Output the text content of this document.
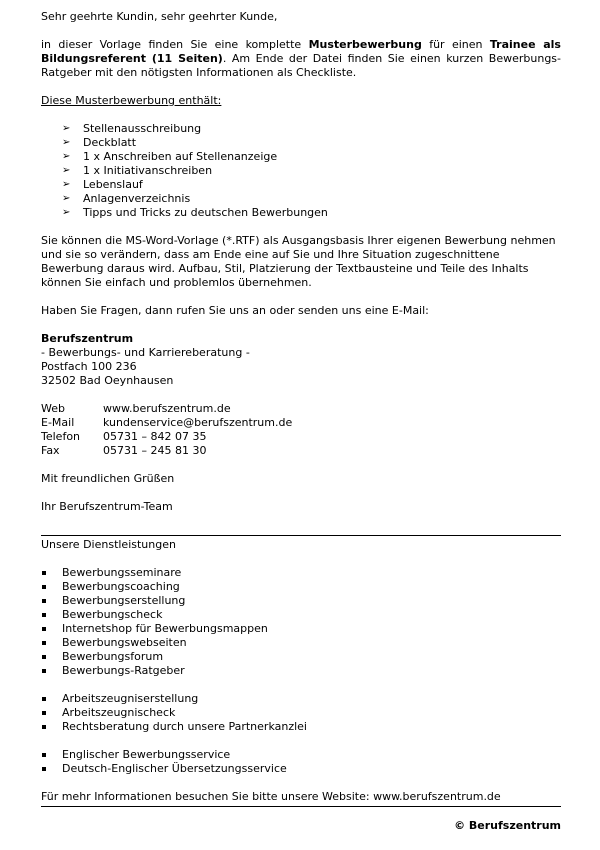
Sehr geehrte Kundin, sehr geehrter Kunde,

in dieser Vorlage finden Sie eine komplette Musterbewerbung für einen Trainee als Bildungsreferent (11 Seiten). Am Ende der Datei finden Sie einen kurzen Bewerbungs-Ratgeber mit den nötigsten Informationen als Checkliste.

Diese Musterbewerbung enthält:

➢ Stellenausschreibung
➢ Deckblatt
➢ 1 x Anschreiben auf Stellenanzeige
➢ 1 x Initiativanschreiben
➢ Lebenslauf
➢ Anlagenverzeichnis
➢ Tipps und Tricks zu deutschen Bewerbungen

Sie können die MS-Word-Vorlage (*.RTF) als Ausgangsbasis Ihrer eigenen Bewerbung nehmen und sie so verändern, dass am Ende eine auf Sie und Ihre Situation zugeschnittene Bewerbung daraus wird. Aufbau, Stil, Platzierung der Textbausteine und Teile des Inhalts können Sie einfach und problemlos übernehmen.

Haben Sie Fragen, dann rufen Sie uns an oder senden uns eine E-Mail:

Berufszentrum

- Bewerbungs- und Karriereberatung -

Postfach 100 236

32502 Bad Oeynhausen

Web	www.berufszentrum.de
E-Mail	kundenservice@berufszentrum.de
Telefon	05731 – 842 07 35
Fax	05731 – 245 81 30

Mit freundlichen Grüßen

Ihr Berufszentrum-Team

Unsere Dienstleistungen

Bewerbungsseminare
Bewerbungscoaching
Bewerbungserstellung
Bewerbungscheck
Internetshop für Bewerbungsmappen
Bewerbungswebseiten
Bewerbungsforum
Bewerbungs-Ratgeber
Arbeitszeugniserstellung
Arbeitszeugnischeck
Rechtsberatung durch unsere Partnerkanzlei
Englischer Bewerbungsservice
Deutsch-Englischer Übersetzungsservice

Für mehr Informationen besuchen Sie bitte unsere Website: www.berufszentrum.de

© Berufszentrum
